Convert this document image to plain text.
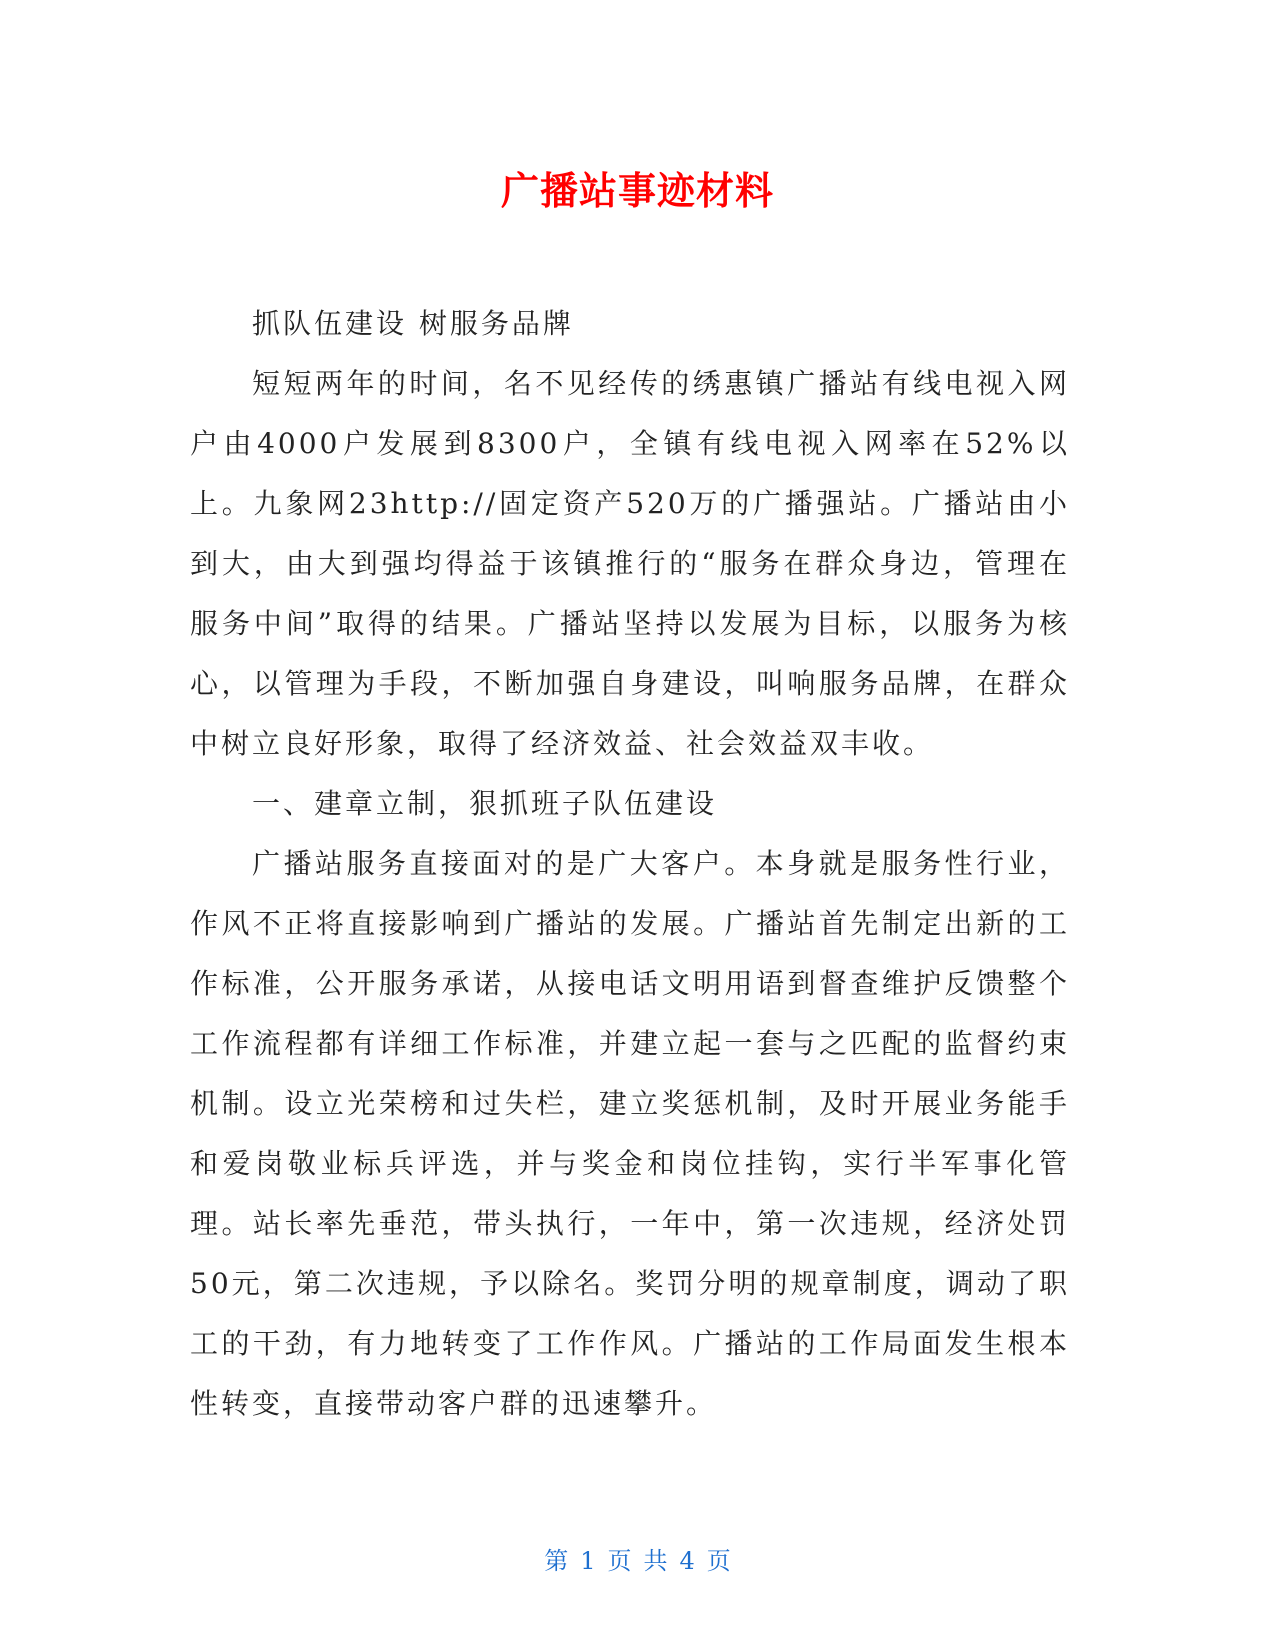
广播站事迹材料

抓队伍建设 树服务品牌

短短两年的时间，名不见经传的绣惠镇广播站有线电视入网户由4000户发展到8300户，全镇有线电视入网率在52%以上。九象网23http://固定资产520万的广播强站。广播站由小到大，由大到强均得益于该镇推行的“服务在群众身边，管理在服务中间”取得的结果。广播站坚持以发展为目标，以服务为核心，以管理为手段，不断加强自身建设，叫响服务品牌，在群众中树立良好形象，取得了经济效益、社会效益双丰收。

一、建章立制，狠抓班子队伍建设

广播站服务直接面对的是广大客户。本身就是服务性行业，作风不正将直接影响到广播站的发展。广播站首先制定出新的工作标准，公开服务承诺，从接电话文明用语到督查维护反馈整个工作流程都有详细工作标准，并建立起一套与之匹配的监督约束机制。设立光荣榜和过失栏，建立奖惩机制，及时开展业务能手和爱岗敬业标兵评选，并与奖金和岗位挂钩，实行半军事化管理。站长率先垂范，带头执行，一年中，第一次违规，经济处罚50元，第二次违规，予以除名。奖罚分明的规章制度，调动了职工的干劲，有力地转变了工作作风。广播站的工作局面发生根本性转变，直接带动客户群的迅速攀升。

第 1 页 共 4 页
